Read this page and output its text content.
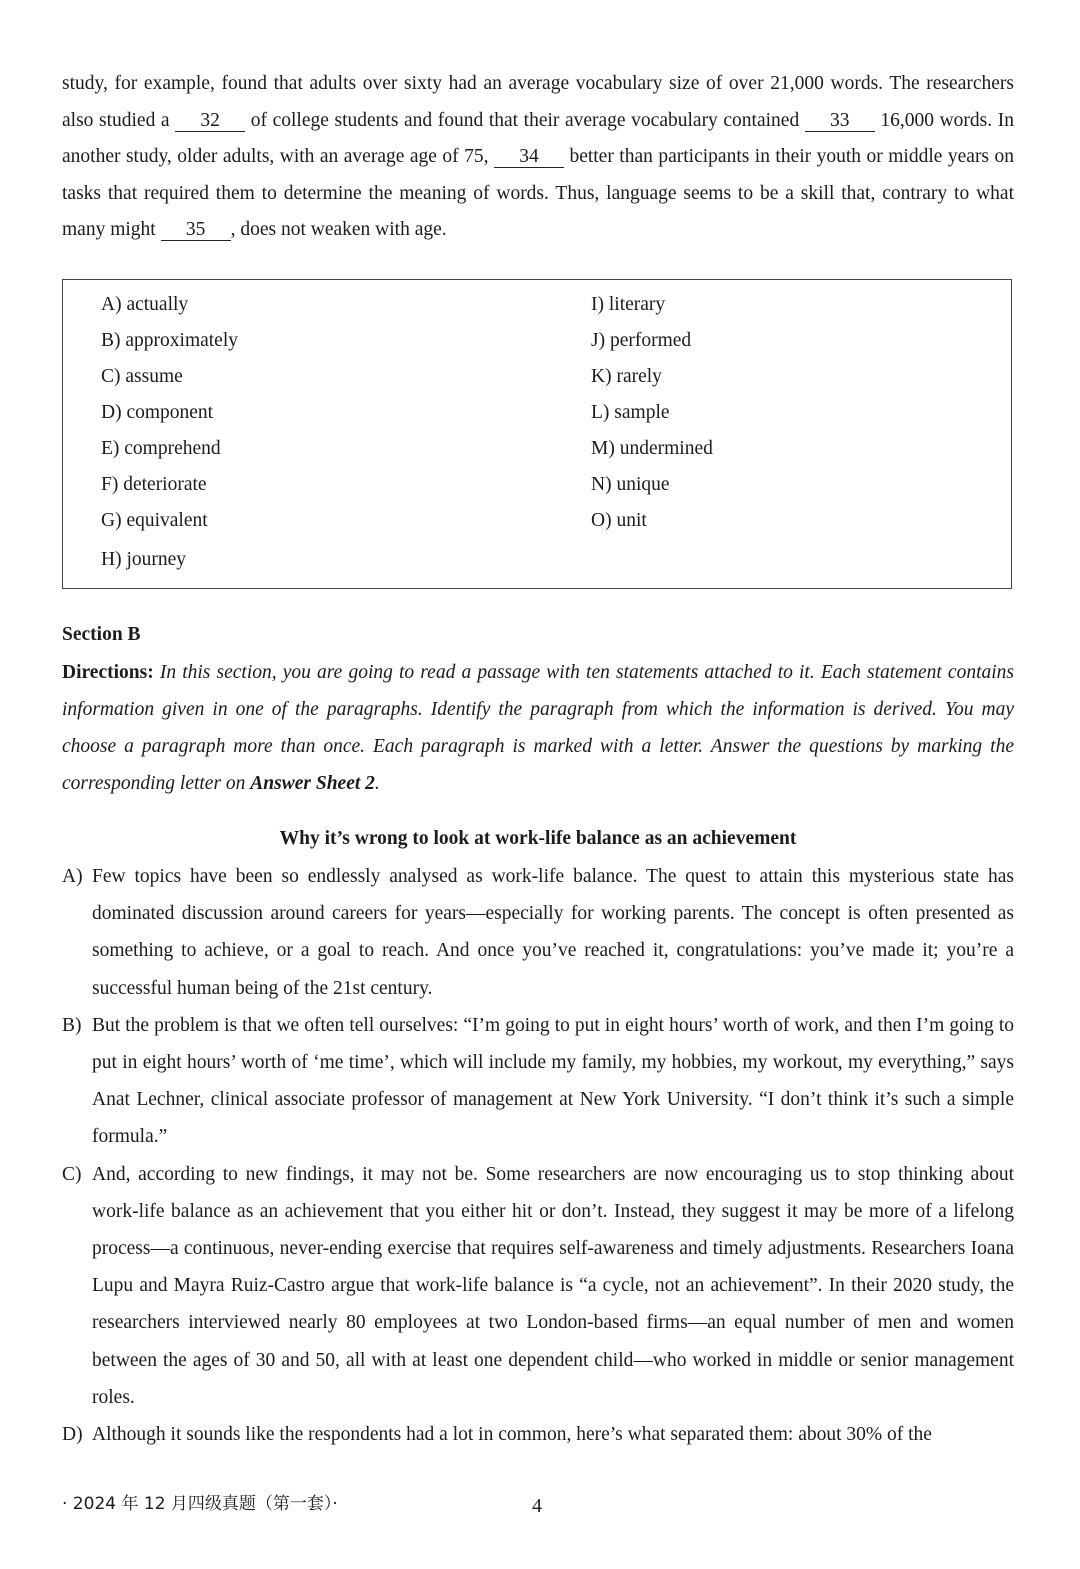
study, for example, found that adults over sixty had an average vocabulary size of over 21,000 words. The researchers also studied a 32 of college students and found that their average vocabulary contained 33 16,000 words. In another study, older adults, with an average age of 75, 34 better than participants in their youth or middle years on tasks that required them to determine the meaning of words. Thus, language seems to be a skill that, contrary to what many might 35 , does not weaken with age.

A) actually
B) approximately
C) assume
D) component
E) comprehend
F) deteriorate
G) equivalent
H) journey
I) literary
J) performed
K) rarely
L) sample
M) undermined
N) unique
O) unit
Section B

Directions: In this section, you are going to read a passage with ten statements attached to it. Each statement contains information given in one of the paragraphs. Identify the paragraph from which the information is derived. You may choose a paragraph more than once. Each paragraph is marked with a letter. Answer the questions by marking the corresponding letter on Answer Sheet 2.

Why it’s wrong to look at work-life balance as an achievement
A) Few topics have been so endlessly analysed as work-life balance. The quest to attain this mysterious state has dominated discussion around careers for years—especially for working parents. The concept is often presented as something to achieve, or a goal to reach. And once you’ve reached it, congratulations: you’ve made it; you’re a successful human being of the 21st century.
B) But the problem is that we often tell ourselves: “I’m going to put in eight hours’ worth of work, and then I’m going to put in eight hours’ worth of ‘me time’, which will include my family, my hobbies, my workout, my everything,” says Anat Lechner, clinical associate professor of management at New York University. “I don’t think it’s such a simple formula.”
C) And, according to new findings, it may not be. Some researchers are now encouraging us to stop thinking about work-life balance as an achievement that you either hit or don’t. Instead, they suggest it may be more of a lifelong process—a continuous, never-ending exercise that requires self-awareness and timely adjustments. Researchers Ioana Lupu and Mayra Ruiz-Castro argue that work-life balance is “a cycle, not an achievement”. In their 2020 study, the researchers interviewed nearly 80 employees at two London-based firms—an equal number of men and women between the ages of 30 and 50, all with at least one dependent child—who worked in middle or senior management roles.
D) Although it sounds like the respondents had a lot in common, here’s what separated them: about 30% of the
· 2024 年 12 月四级真题（第一套）·	4
